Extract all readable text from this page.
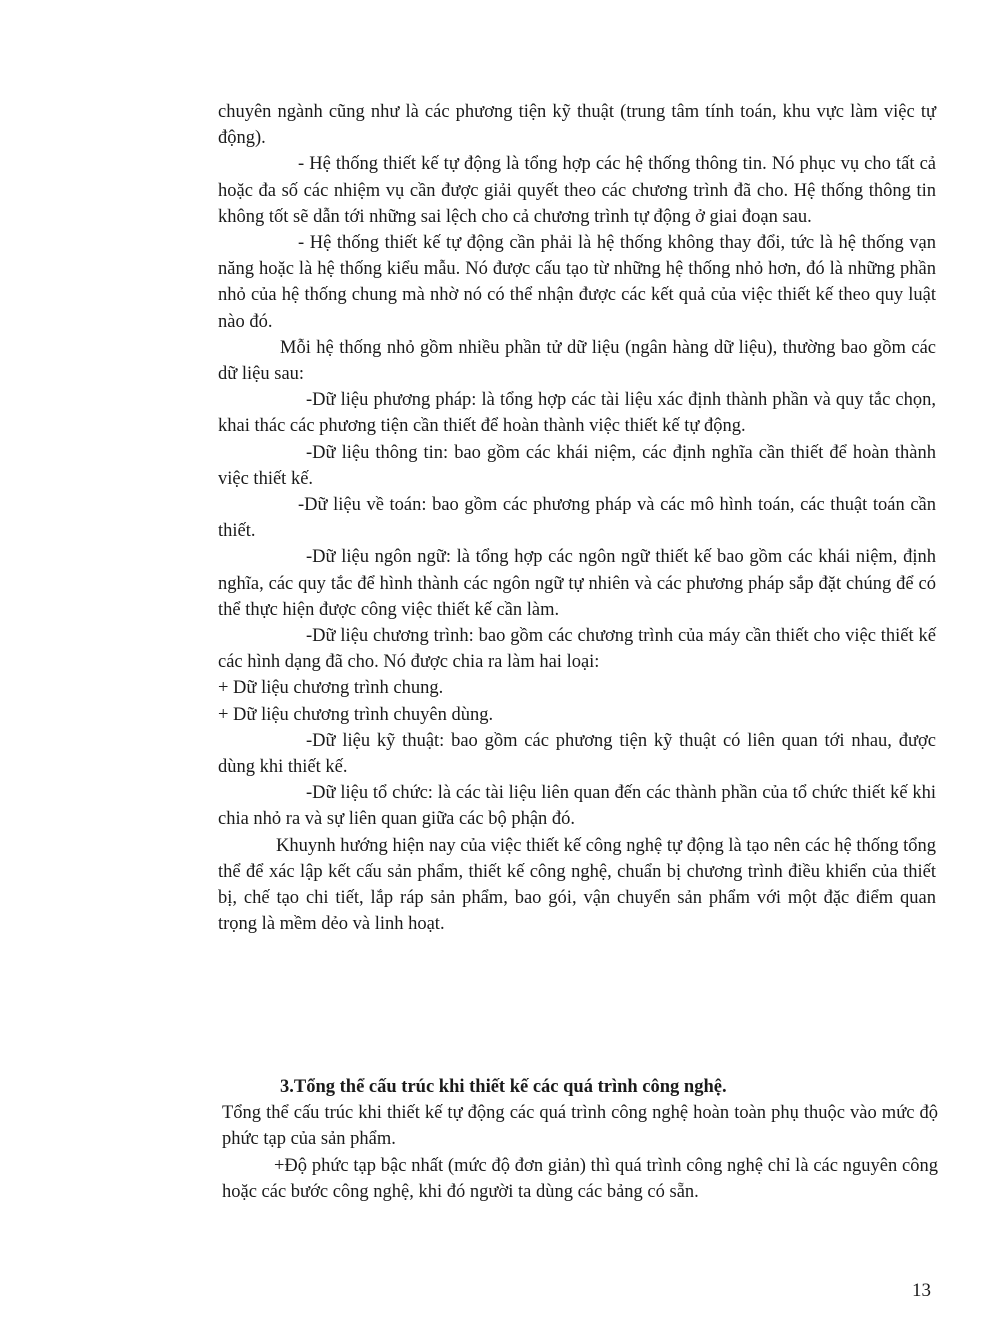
chuyên ngành cũng như là các phương tiện kỹ thuật (trung tâm tính toán, khu vực làm việc tự động).

- Hệ thống thiết kế tự động là tổng hợp các hệ thống thông tin. Nó phục vụ cho tất cả hoặc đa số các nhiệm vụ cần được giải quyết theo các chương trình đã cho. Hệ thống thông tin không tốt sẽ dẫn tới những sai lệch cho cả chương trình tự động ở giai đoạn sau.

- Hệ thống thiết kế tự động cần phải là hệ thống không thay đổi, tức là hệ thống vạn năng hoặc là hệ thống kiểu mẫu. Nó được cấu tạo từ những hệ thống nhỏ hơn, đó là những phần nhỏ của hệ thống chung mà nhờ nó có thể nhận được các kết quả của việc thiết kế theo quy luật nào đó.

Mỗi hệ thống nhỏ gồm nhiều phần tử dữ liệu (ngân hàng dữ liệu), thường bao gồm các dữ liệu sau:

-Dữ liệu phương pháp: là tổng hợp các tài liệu xác định thành phần và quy tắc chọn, khai thác các phương tiện cần thiết để hoàn thành việc thiết kế tự động.

-Dữ liệu thông tin: bao gồm các khái niệm, các định nghĩa cần thiết để hoàn thành việc thiết kế.

-Dữ liệu về toán: bao gồm các phương pháp và các mô hình toán, các thuật toán cần thiết.

-Dữ liệu ngôn ngữ: là tổng hợp các ngôn ngữ thiết kế bao gồm các khái niệm, định nghĩa, các quy tắc để hình thành các ngôn ngữ tự nhiên và các phương pháp sắp đặt chúng để có thể thực hiện được công việc thiết kế cần làm.

-Dữ liệu chương trình: bao gồm các chương trình của máy cần thiết cho việc thiết kế các hình dạng đã cho. Nó được chia ra làm hai loại:

+ Dữ liệu chương trình chung.

+ Dữ liệu chương trình chuyên dùng.

-Dữ liệu kỹ thuật: bao gồm các phương tiện kỹ thuật có liên quan tới nhau, được dùng khi thiết kế.

-Dữ liệu tổ chức: là các tài liệu liên quan đến các thành phần của tổ chức thiết kế khi chia nhỏ ra và sự liên quan giữa các bộ phận đó.

Khuynh hướng hiện nay của việc thiết kế công nghệ tự động là tạo nên các hệ thống tổng thể để xác lập kết cấu sản phẩm, thiết kế công nghệ, chuẩn bị chương trình điều khiển của thiết bị, chế tạo chi tiết, lắp ráp sản phẩm, bao gói, vận chuyển sản phẩm với một đặc điểm quan trọng là mềm dẻo và linh hoạt.

3.Tổng thể cấu trúc khi thiết kế các quá trình công nghệ.

Tổng thể cấu trúc khi thiết kế tự động các quá trình công nghệ hoàn toàn phụ thuộc vào mức độ phức tạp của sản phẩm.

+Độ phức tạp bậc nhất (mức độ đơn giản) thì quá trình công nghệ chỉ là các nguyên công hoặc các bước công nghệ, khi đó người ta dùng các bảng có sẵn.

13
